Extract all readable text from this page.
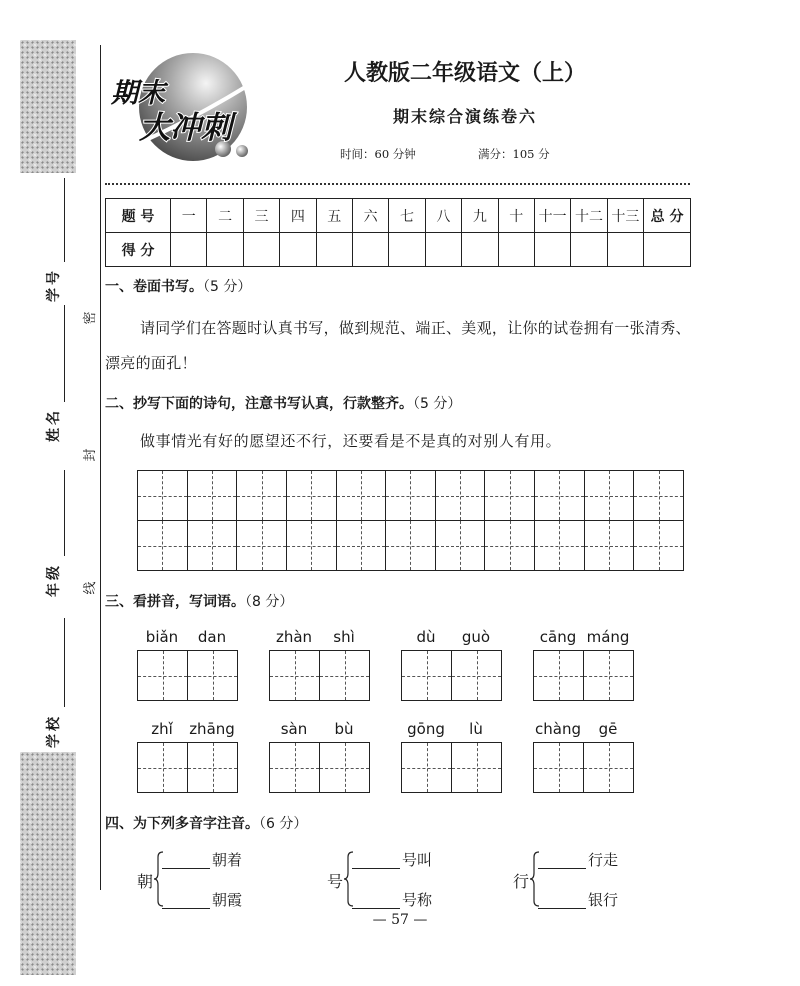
学号
姓名
年级
学校
密
封
线
期末
大冲刺
人教版二年级语文（上）
期末综合演练卷六
时间：60 分钟	满分：105 分
题 号	一	二	三	四	五	六	七	八	九	十	十一	十二	十三	总 分
得 分														
一、卷面书写。（5 分）
请同学们在答题时认真书写，做到规范、端正、美观，让你的试卷拥有一张清秀、
漂亮的面孔！
二、抄写下面的诗句，注意书写认真，行款整齐。（5 分）
做事情光有好的愿望还不行，还要看是不是真的对别人有用。
三、看拼音，写词语。（8 分）
biǎn	dan	zhàn	shì	dù	guò	cāng máng
zhǐ	zhāng	sàn	bù	gōng	lù	chàng	gē
四、为下列多音字注音。（6 分）
朝
朝着
朝霞
号
号叫
号称
行
行走
银行
— 57 —
